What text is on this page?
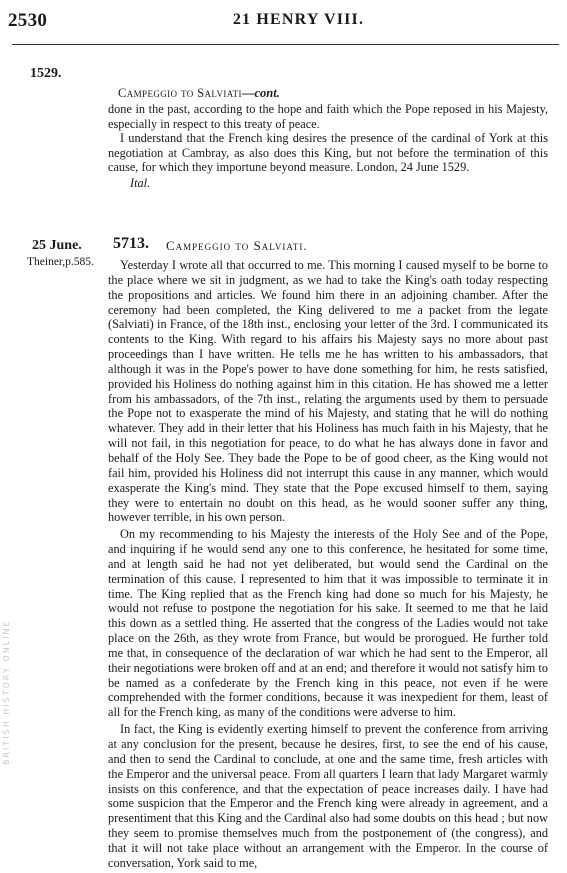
2530	21 HENRY VIII.
1529.
Campeggio to Salviati—cont.

done in the past, according to the hope and faith which the Pope reposed in his Majesty, especially in respect to this treaty of peace.

I understand that the French king desires the presence of the cardinal of York at this negotiation at Cambray, as also does this King, but not before the termination of this cause, for which they importune beyond measure. London, 24 June 1529.

Ital.

25 June.
Theiner,p.585.
5713. Campeggio to Salviati.

Yesterday I wrote all that occurred to me. This morning I caused myself to be borne to the place where we sit in judgment, as we had to take the King's oath today respecting the propositions and articles. We found him there in an adjoining chamber. After the ceremony had been completed, the King delivered to me a packet from the legate (Salviati) in France, of the 18th inst., enclosing your letter of the 3rd. I communicated its contents to the King. With regard to his affairs his Majesty says no more about past proceedings than I have written. He tells me he has written to his ambassadors, that although it was in the Pope's power to have done something for him, he rests satisfied, provided his Holiness do nothing against him in this citation. He has showed me a letter from his ambassadors, of the 7th inst., relating the arguments used by them to persuade the Pope not to exasperate the mind of his Majesty, and stating that he will do nothing whatever. They add in their letter that his Holiness has much faith in his Majesty, that he will not fail, in this negotiation for peace, to do what he has always done in favor and behalf of the Holy See. They bade the Pope to be of good cheer, as the King would not fail him, provided his Holiness did not interrupt this cause in any manner, which would exasperate the King's mind. They state that the Pope excused himself to them, saying they were to entertain no doubt on this head, as he would sooner suffer any thing, however terrible, in his own person.

On my recommending to his Majesty the interests of the Holy See and of the Pope, and inquiring if he would send any one to this conference, he hesitated for some time, and at length said he had not yet deliberated, but would send the Cardinal on the termination of this cause. I represented to him that it was impossible to terminate it in time. The King replied that as the French king had done so much for his Majesty, he would not refuse to postpone the negotiation for his sake. It seemed to me that he laid this down as a settled thing. He asserted that the congress of the Ladies would not take place on the 26th, as they wrote from France, but would be prorogued. He further told me that, in consequence of the declaration of war which he had sent to the Emperor, all their negotiations were broken off and at an end; and therefore it would not satisfy him to be named as a confederate by the French king in this peace, not even if he were comprehended with the former conditions, because it was inexpedient for them, least of all for the French king, as many of the conditions were adverse to him.

In fact, the King is evidently exerting himself to prevent the conference from arriving at any conclusion for the present, because he desires, first, to see the end of his cause, and then to send the Cardinal to conclude, at one and the same time, fresh articles with the Emperor and the universal peace. From all quarters I learn that lady Margaret warmly insists on this conference, and that the expectation of peace increases daily. I have had some suspicion that the Emperor and the French king were already in agreement, and a presentiment that this King and the Cardinal also had some doubts on this head ; but now they seem to promise themselves much from the postponement of (the congress), and that it will not take place without an arrangement with the Emperor. In the course of conversation, York said to me,

BRITISH HISTORY ONLINE
